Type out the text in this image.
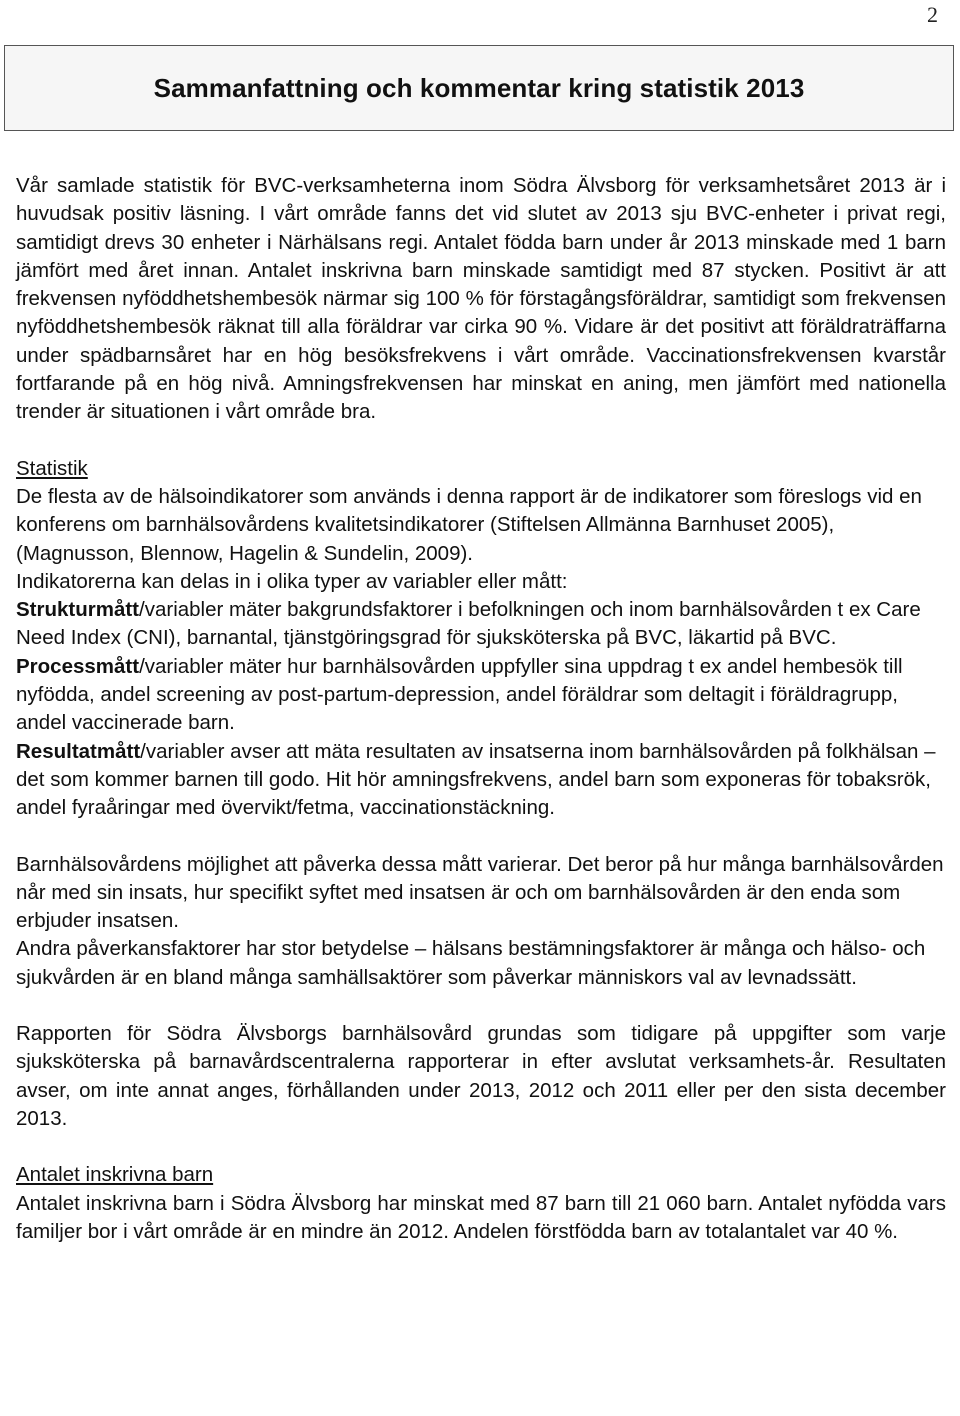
2
Sammanfattning och kommentar kring statistik 2013

Vår samlade statistik för BVC-verksamheterna inom Södra Älvsborg för verksamhetsåret 2013 är i huvudsak positiv läsning. I vårt område fanns det vid slutet av 2013 sju BVC-enheter i privat regi, samtidigt drevs 30 enheter i Närhälsans regi. Antalet födda barn under år 2013 minskade med 1 barn jämfört med året innan. Antalet inskrivna barn minskade samtidigt med 87 stycken. Positivt är att frekvensen nyföddhetshembesök närmar sig 100 % för förstagångsföräldrar, samtidigt som frekvensen nyföddhetshembesök räknat till alla föräldrar var cirka 90 %. Vidare är det positivt att föräldraträffarna under spädbarnsåret har en hög besöksfrekvens i vårt område. Vaccinationsfrekvensen kvarstår fortfarande på en hög nivå. Amningsfrekvensen har minskat en aning, men jämfört med nationella trender är situationen i vårt område bra.

Statistik

De flesta av de hälsoindikatorer som används i denna rapport är de indikatorer som föreslogs vid en konferens om barnhälsovårdens kvalitetsindikatorer (Stiftelsen Allmänna Barnhuset 2005), (Magnusson, Blennow, Hagelin & Sundelin, 2009).

Indikatorerna kan delas in i olika typer av variabler eller mått:

Strukturmått/variabler mäter bakgrundsfaktorer i befolkningen och inom barnhälsovården t ex Care Need Index (CNI), barnantal, tjänstgöringsgrad för sjuksköterska på BVC, läkartid på BVC.

Processmått/variabler mäter hur barnhälsovården uppfyller sina uppdrag t ex andel hembesök till nyfödda, andel screening av post-partum-depression, andel föräldrar som deltagit i föräldragrupp, andel vaccinerade barn.

Resultatmått/variabler avser att mäta resultaten av insatserna inom barnhälsovården på folkhälsan – det som kommer barnen till godo. Hit hör amningsfrekvens, andel barn som exponeras för tobaksrök, andel fyraåringar med övervikt/fetma, vaccinationstäckning.

Barnhälsovårdens möjlighet att påverka dessa mått varierar. Det beror på hur många barnhälsovården når med sin insats, hur specifikt syftet med insatsen är och om barnhälsovården är den enda som erbjuder insatsen.

Andra påverkansfaktorer har stor betydelse – hälsans bestämningsfaktorer är många och hälso- och sjukvården är en bland många samhällsaktörer som påverkar människors val av levnadssätt.

Rapporten för Södra Älvsborgs barnhälsovård grundas som tidigare på uppgifter som varje sjuksköterska på barnavårdscentralerna rapporterar in efter avslutat verksamhets-år. Resultaten avser, om inte annat anges, förhållanden under 2013, 2012 och 2011 eller per den sista december 2013.

Antalet inskrivna barn

Antalet inskrivna barn i Södra Älvsborg har minskat med 87 barn till 21 060 barn. Antalet nyfödda vars familjer bor i vårt område är en mindre än 2012. Andelen förstfödda barn av totalantalet var 40 %.
